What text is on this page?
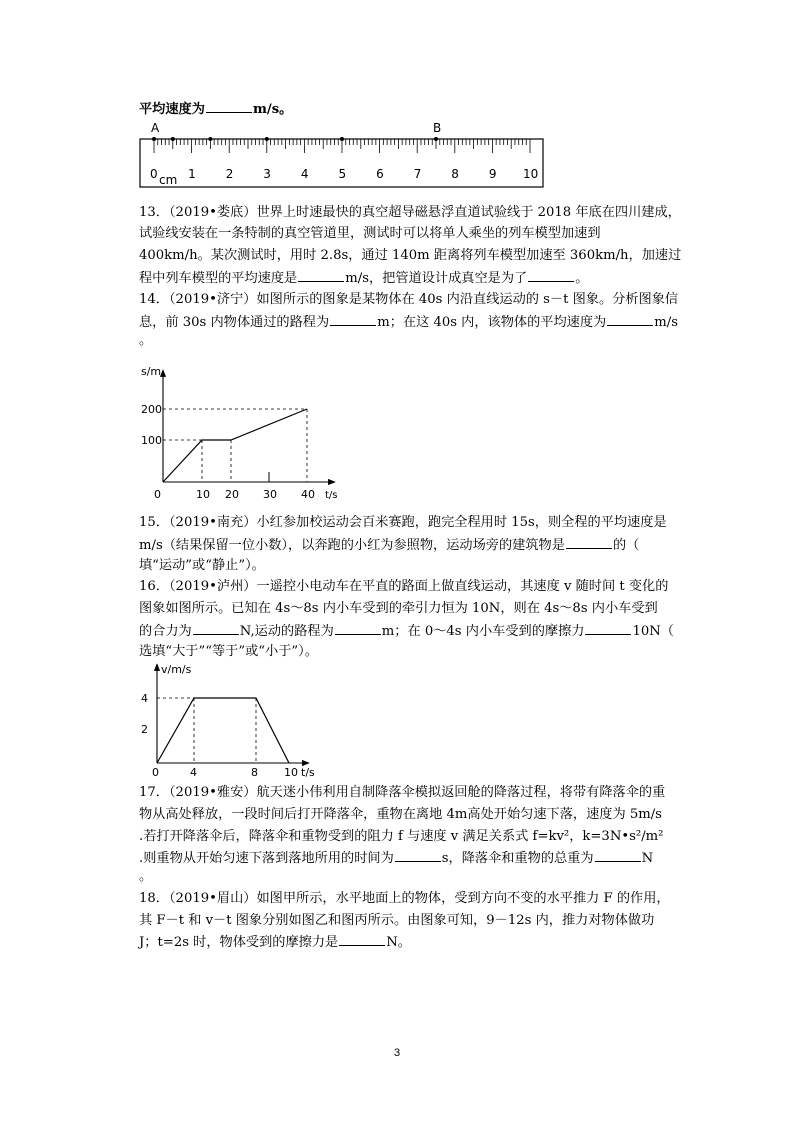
平均速度为	m/s。
A	B
0	1 2 3 4 5 6 7 8 9 10
cm
13．（2019•娄底）世界上时速最快的真空超导磁悬浮直道试验线于 2018 年底在四川建成，
试验线安装在一条特制的真空管道里，测试时可以将单人乘坐的列车模型加速到
400km/h。某次测试时，用时 2.8s，通过 140m 距离将列车模型加速至 360km/h，加速过
程中列车模型的平均速度是	m/s，把管道设计成真空是为了	。
14．（2019•济宁）如图所示的图象是某物体在 40s 内沿直线运动的 s－t 图象。分析图象信
息，前 30s 内物体通过的路程为	m；在这 40s 内，该物体的平均速度为	m/s
。
s/m
t/s
200
100
0	10 20 30 40
15．（2019•南充）小红参加校运动会百米赛跑，跑完全程用时 15s，则全程的平均速度是
m/s（结果保留一位小数），以奔跑的小红为参照物，运动场旁的建筑物是	的（
填“运动”或“静止”）。
16．（2019•泸州）一遥控小电动车在平直的路面上做直线运动，其速度 v 随时间 t 变化的
图象如图所示。已知在 4s～8s 内小车受到的牵引力恒为 10N，则在 4s～8s 内小车受到
的合力为	N,运动的路程为	m；在 0～4s 内小车受到的摩擦力	10N（
选填“大于”“等于”或“小于”）。
v/m/s
t/s
4
2
0	4	8 10
17．（2019•雅安）航天迷小伟利用自制降落伞模拟返回舱的降落过程，将带有降落伞的重
物从高处释放，一段时间后打开降落伞，重物在离地 4m高处开始匀速下落，速度为 5m/s
.若打开降落伞后，降落伞和重物受到的阻力 f 与速度 v 满足关系式 f=kv²，k=3N•s²/m²
.则重物从开始匀速下落到落地所用的时间为	s，降落伞和重物的总重为	N
。
18．（2019•眉山）如图甲所示，水平地面上的物体，受到方向不变的水平推力 F 的作用，
其 F－t 和 v－t 图象分别如图乙和图丙所示。由图象可知，9－12s 内，推力对物体做功
J；t=2s 时，物体受到的摩擦力是	N。
3
